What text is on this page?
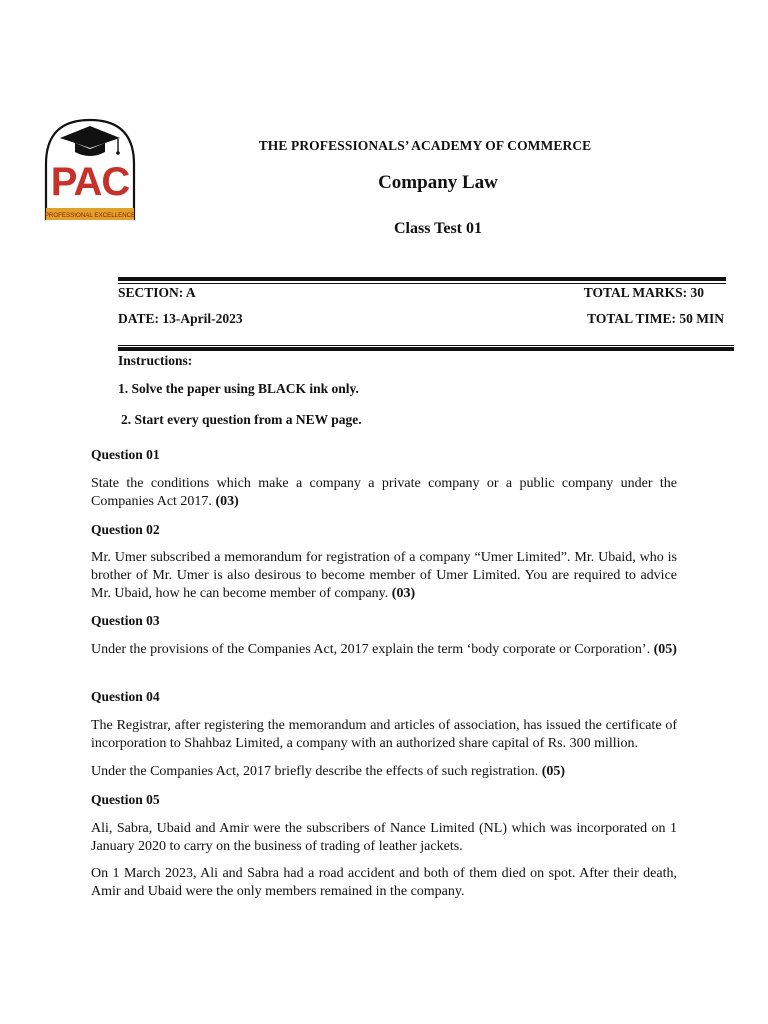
PAC
PROFESSIONAL EXCELLENCE
THE PROFESSIONALS’ ACADEMY OF COMMERCE
Company Law
Class Test 01
SECTION: A
DATE: 13-April-2023
TOTAL MARKS: 30
TOTAL TIME: 50 MIN
Instructions:
1. Solve the paper using BLACK ink only.
2. Start every question from a NEW page.
Question 01
State the conditions which make a company a private company or a public company under the Companies Act 2017. (03)
Question 02
Mr. Umer subscribed a memorandum for registration of a company “Umer Limited”. Mr. Ubaid, who is brother of Mr. Umer is also desirous to become member of Umer Limited. You are required to advice Mr. Ubaid, how he can become member of company. (03)
Question 03
Under the provisions of the Companies Act, 2017 explain the term ‘body corporate or Corporation’. (05)
Question 04
The Registrar, after registering the memorandum and articles of association, has issued the certificate of incorporation to Shahbaz Limited, a company with an authorized share capital of Rs. 300 million.
Under the Companies Act, 2017 briefly describe the effects of such registration. (05)
Question 05
Ali, Sabra, Ubaid and Amir were the subscribers of Nance Limited (NL) which was incorporated on 1 January 2020 to carry on the business of trading of leather jackets.
On 1 March 2023, Ali and Sabra had a road accident and both of them died on spot. After their death, Amir and Ubaid were the only members remained in the company.
